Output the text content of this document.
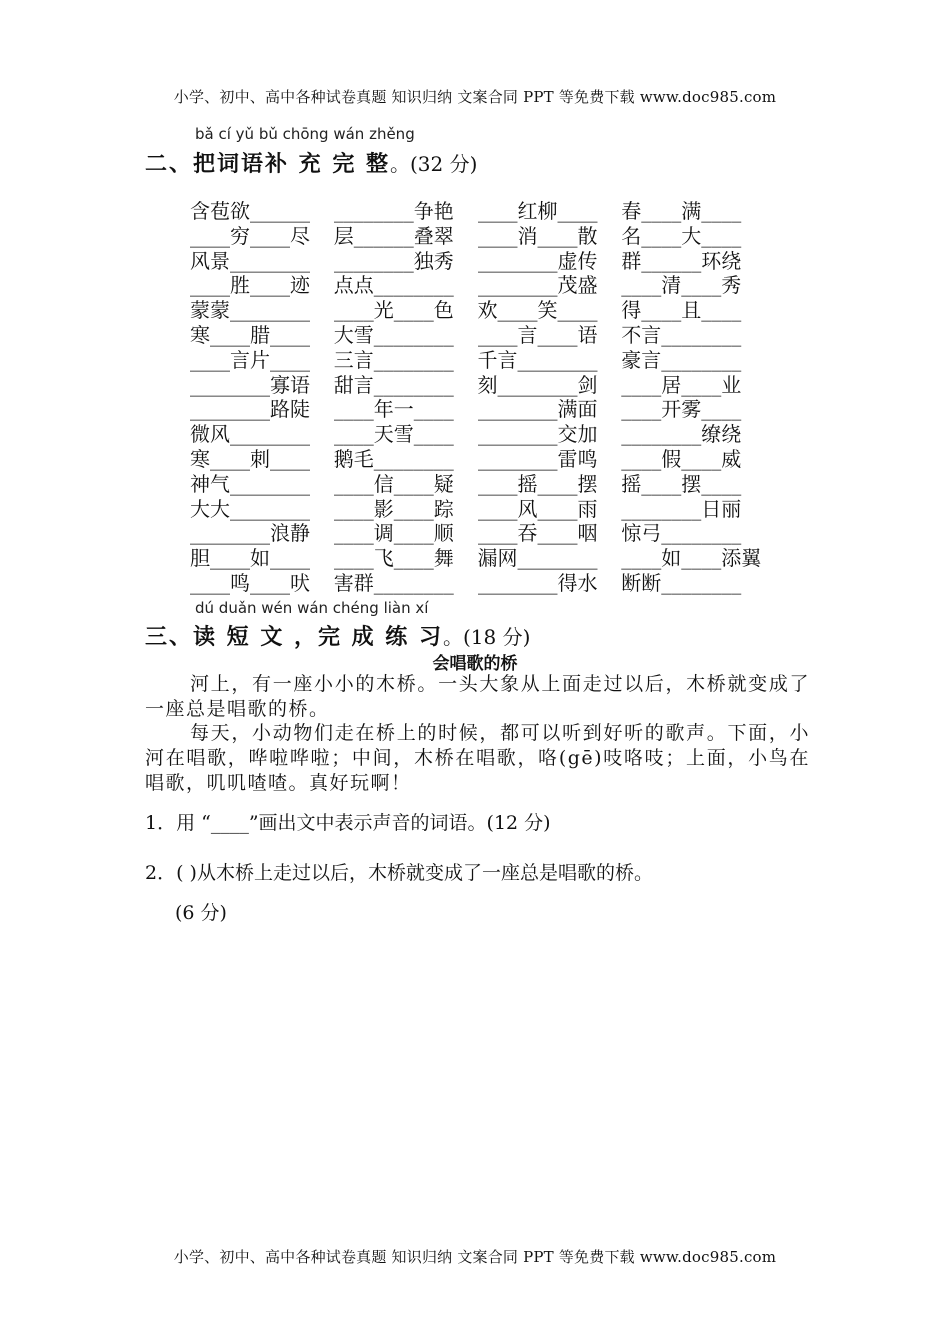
小学、初中、高中各种试卷真题 知识归纳 文案合同 PPT 等免费下载 www.doc985.com
bǎ cí yǔ bǔ chōng wán zhěng
二、把词语补 充 完 整。(32 分)
含苞欲______	________争艳	____红柳____	春____满____
____穷____尽	层______叠翠	____消____散	名____大____
风景________	________独秀	________虚传	群______环绕
____胜____迹	点点________	________茂盛	____清____秀
蒙蒙________	____光____色	欢____笑____	得____且____
寒____腊____	大雪________	____言____语	不言________
____言片____	三言________	千言________	豪言________
________寡语	甜言________	刻________剑	____居____业
________路陡	____年一____	________满面	____开雾____
微风________	____天雪____	________交加	________缭绕
寒____刺____	鹅毛________	________雷鸣	____假____威
神气________	____信____疑	____摇____摆	摇____摆____
大大________	____影____踪	____风____雨	________日丽
________浪静	____调____顺	____吞____咽	惊弓________
胆____如____	____飞____舞	漏网________	____如____添翼
____鸣____吠	害群________	________得水	断断________
dú duǎn wén wán chéng liàn xí
三、读 短 文 ，完 成 练 习。(18 分)
会唱歌的桥
河上，有一座小小的木桥。一头大象从上面走过以后，木桥就变成了一座总是唱歌的桥。
每天，小动物们走在桥上的时候，都可以听到好听的歌声。下面，小河在唱歌，哗啦哗啦；中间，木桥在唱歌，咯(gē)吱咯吱；上面，小鸟在唱歌，叽叽喳喳。真好玩啊！
1．用 “____”画出文中表示声音的词语。(12 分)
2．( )从木桥上走过以后，木桥就变成了一座总是唱歌的桥。
(6 分)
小学、初中、高中各种试卷真题 知识归纳 文案合同 PPT 等免费下载 www.doc985.com
